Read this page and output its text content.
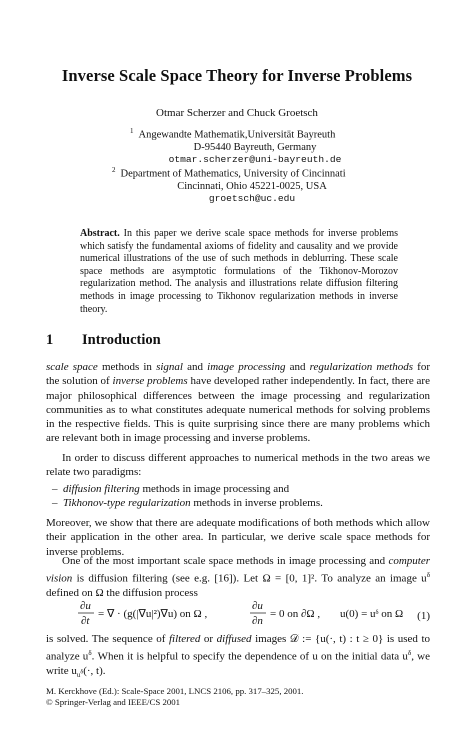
Inverse Scale Space Theory for Inverse Problems
Otmar Scherzer and Chuck Groetsch
$^1$ Angewandte Mathematik,Universität Bayreuth
D-95440 Bayreuth, Germany
otmar.scherzer@uni-bayreuth.de
$^2$ Department of Mathematics, University of Cincinnati
Cincinnati, Ohio 45221-0025, USA
groetsch@uc.edu
Abstract. In this paper we derive scale space methods for inverse problems which satisfy the fundamental axioms of fidelity and causality and we provide numerical illustrations of the use of such methods in deblurring. These scale space methods are asymptotic formulations of the Tikhonov-Morozov regularization method. The analysis and illustrations relate diffusion filtering methods in image processing to Tikhonov regularization methods in inverse theory.
1 Introduction
scale space methods in signal and image processing and regularization methods for the solution of inverse problems have developed rather independently. In fact, there are major philosophical differences between the image processing and regularization communities as to what constitutes adequate numerical methods for solving problems in the respective fields. This is quite surprising since there are many problems which are relevant both in image processing and inverse problems.
In order to discuss different approaches to numerical methods in the two areas we relate two paradigms:
– diffusion filtering methods in image processing and
– Tikhonov-type regularization methods in inverse problems.
Moreover, we show that there are adequate modifications of both methods which allow their application in the other area. In particular, we derive scale space methods for inverse problems.
One of the most important scale space methods in image processing and computer vision is diffusion filtering (see e.g. [16]). Let Ω = [0, 1]². To analyze an image $u^\delta$ defined on Ω the diffusion process
∂u
∂t
= ∇ · (g(|∇u|²)∇u) on Ω ,
∂u
∂n
= 0 on ∂Ω , u(0) = uᵟ on Ω (1)
is solved. The sequence of filtered or diffused images 𝒟 := {u(·, t) : t ≥ 0} is used to analyze $u^\delta$. When it is helpful to specify the dependence of u on the initial data $u^\delta$, we write $u_{u^\delta}(\cdot$, t).
M. Kerckhove (Ed.): Scale-Space 2001, LNCS 2106, pp. 317–325, 2001.
© Springer-Verlag and IEEE/CS 2001
